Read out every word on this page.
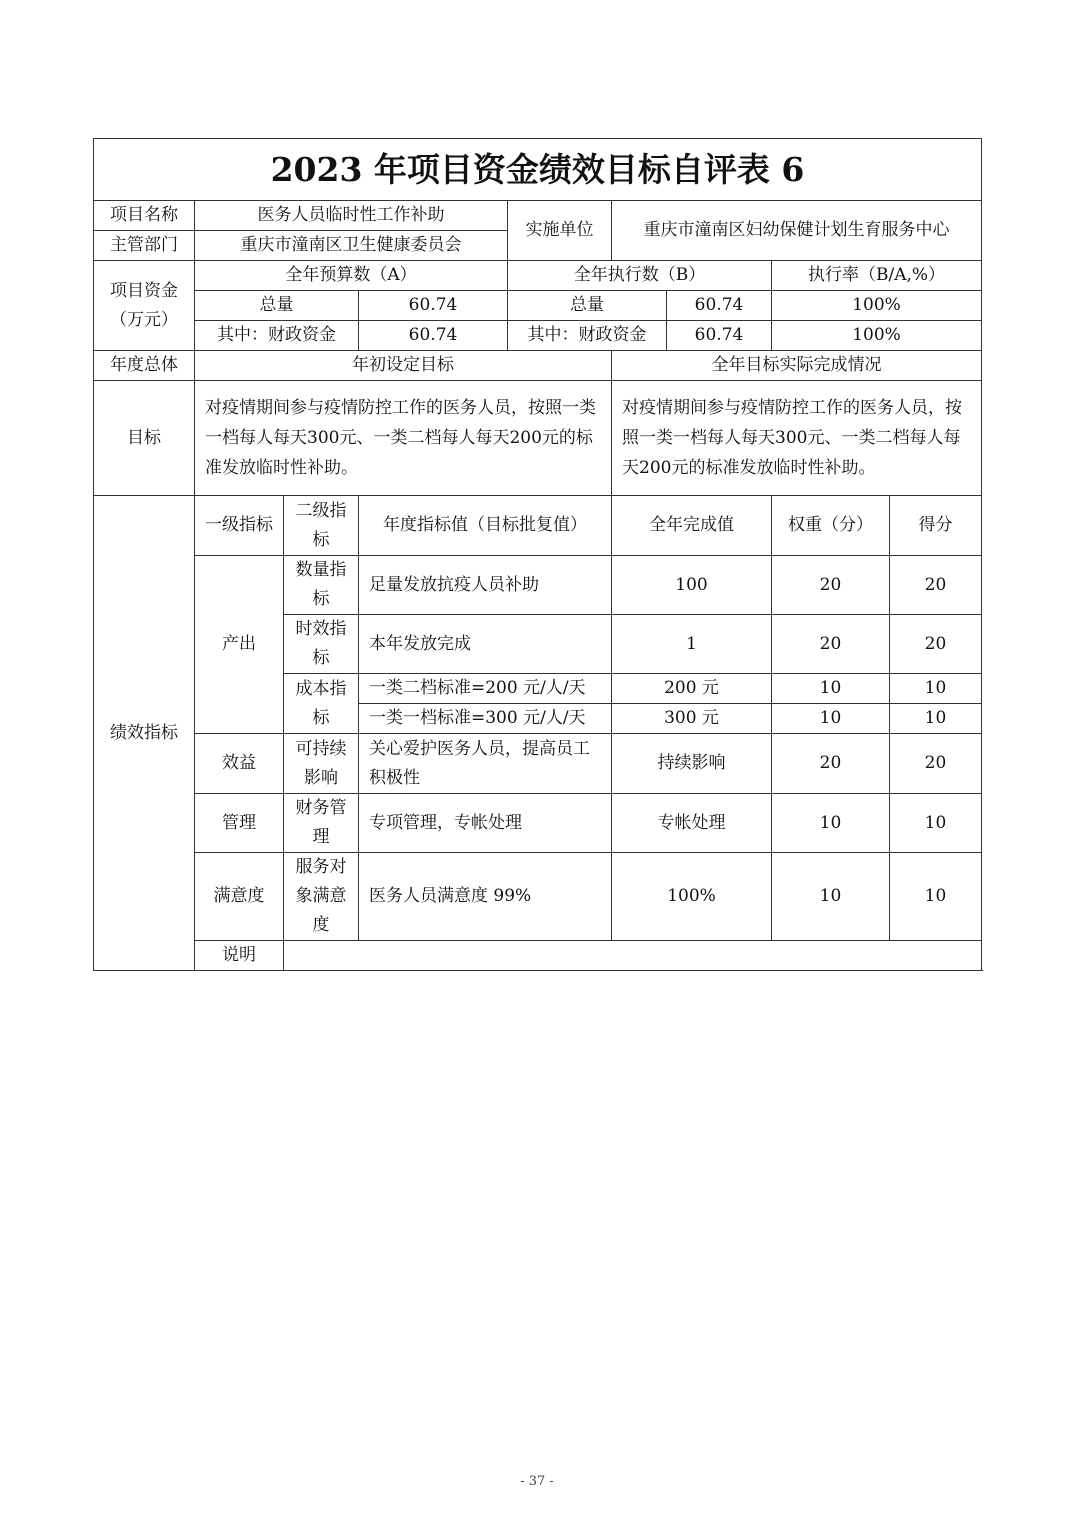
2023 年项目资金绩效目标自评表 6								
项目名称	医务人员临时性工作补助			实施单位	重庆市潼南区妇幼保健计划生育服务中心			
主管部门	重庆市潼南区卫生健康委员会							
项目资金
（万元）	全年预算数（A）			全年执行数（B）			执行率（B/A,%）	
	总量		60.74	总量		60.74	100%	
	其中：财政资金		60.74	其中：财政资金		60.74	100%	
年度总体	年初设定目标				全年目标实际完成情况			
目标	对疫情期间参与疫情防控工作的医务人员，按照一类一档每人每天300元、一类二档每人每天200元的标准发放临时性补助。				对疫情期间参与疫情防控工作的医务人员，按照一类一档每人每天300元、一类二档每人每天200元的标准发放临时性补助。			
绩效指标	一级指标	二级指标	年度指标值（目标批复值）		全年完成值		权重（分）	得分
	产出	数量指标	足量发放抗疫人员补助		100		20	20
		时效指标	本年发放完成		1		20	20
		成本指标	一类二档标准=200 元/人/天		200 元		10	10
			一类一档标准=300 元/人/天		300 元		10	10
	效益	可持续影响	关心爱护医务人员，提高员工积极性		持续影响		20	20
	管理	财务管理	专项管理，专帐处理		专帐处理		10	10
	满意度	服务对象满意度	医务人员满意度 99%		100%		10	10
	说明							
- 37 -
